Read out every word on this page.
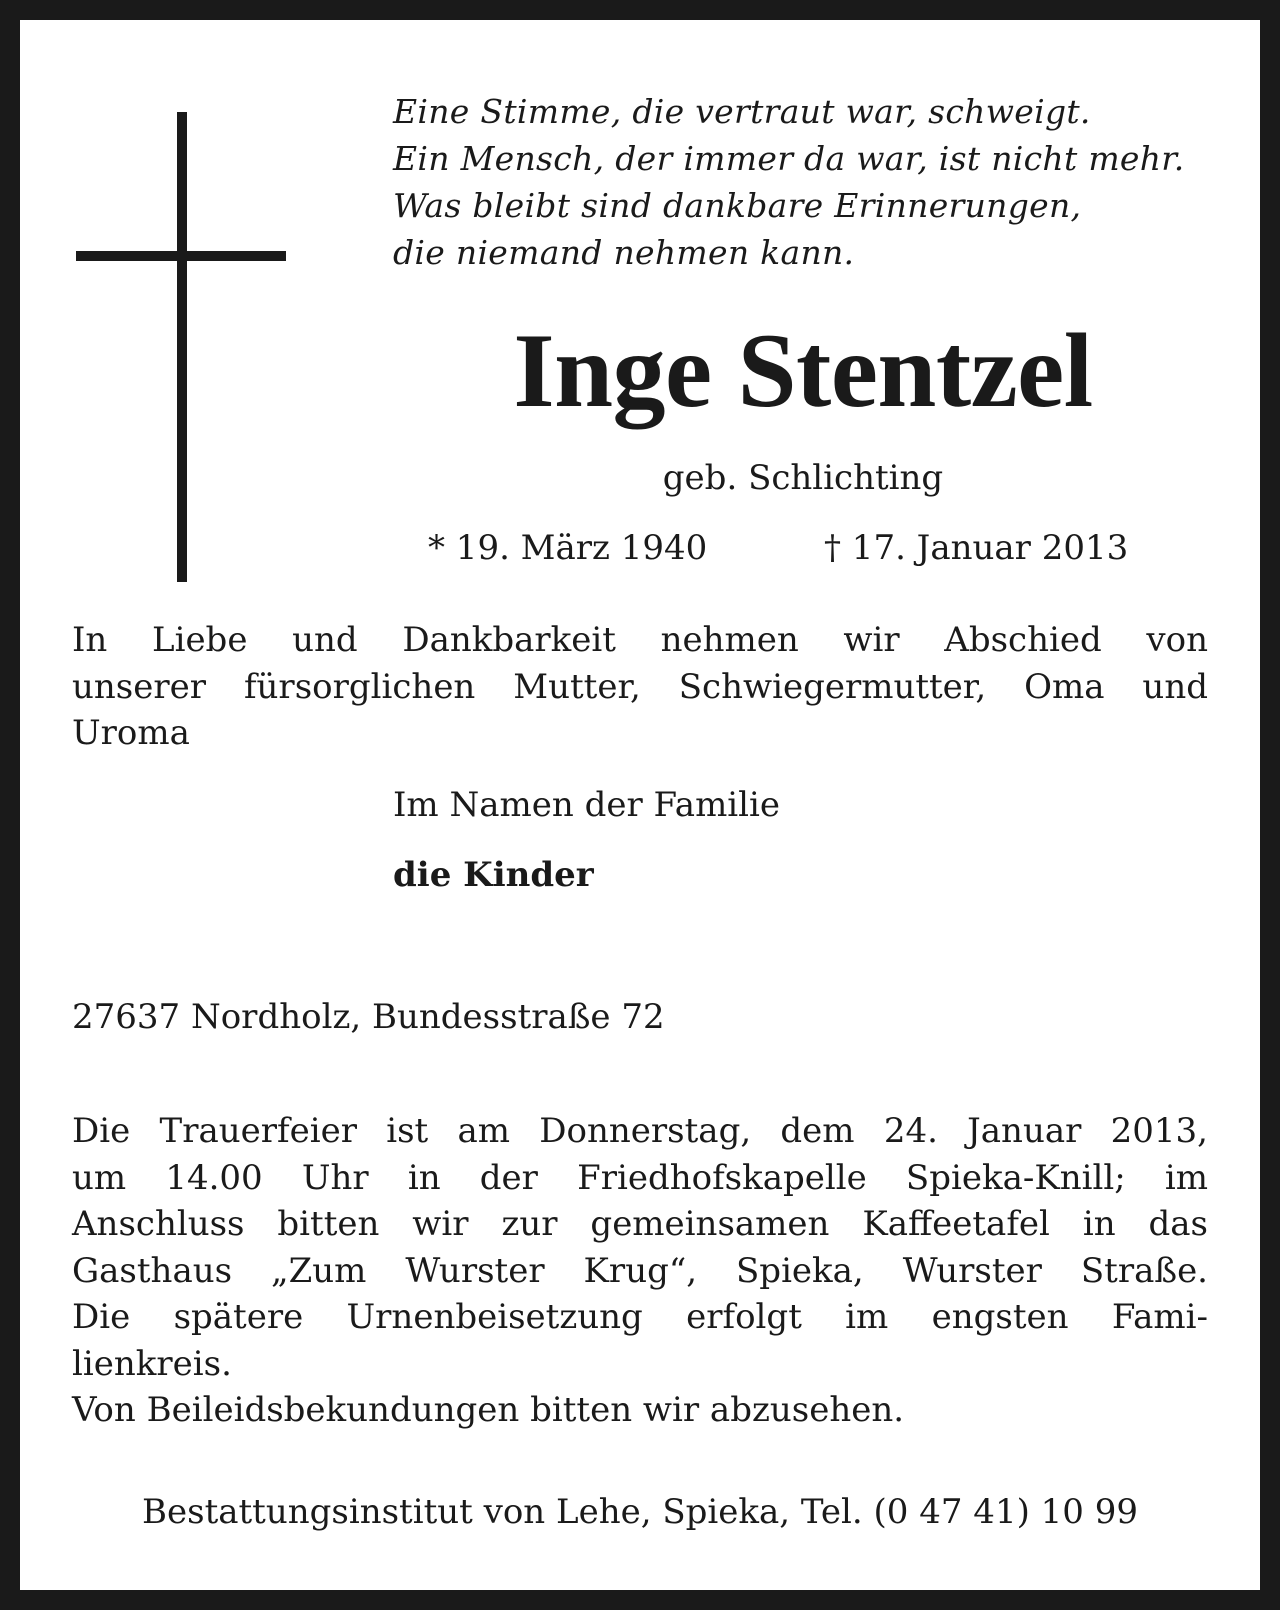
Eine Stimme, die vertraut war, schweigt.
Ein Mensch, der immer da war, ist nicht mehr.
Was bleibt sind dankbare Erinnerungen,
die niemand nehmen kann.
Inge Stentzel
geb. Schlichting
* 19. März 1940	† 17. Januar 2013
In Liebe und Dankbarkeit nehmen wir Abschied von
unserer fürsorglichen Mutter, Schwiegermutter, Oma und
Uroma
Im Namen der Familie
die Kinder
27637 Nordholz, Bundesstraße 72
Die Trauerfeier ist am Donnerstag, dem 24. Januar 2013,
um 14.00 Uhr in der Friedhofskapelle Spieka-Knill; im
Anschluss bitten wir zur gemeinsamen Kaffeetafel in das
Gasthaus „Zum Wurster Krug“, Spieka, Wurster Straße.
Die spätere Urnenbeisetzung erfolgt im engsten Fami-
lienkreis.
Von Beileidsbekundungen bitten wir abzusehen.
Bestattungsinstitut von Lehe, Spieka, Tel. (0 47 41) 10 99
